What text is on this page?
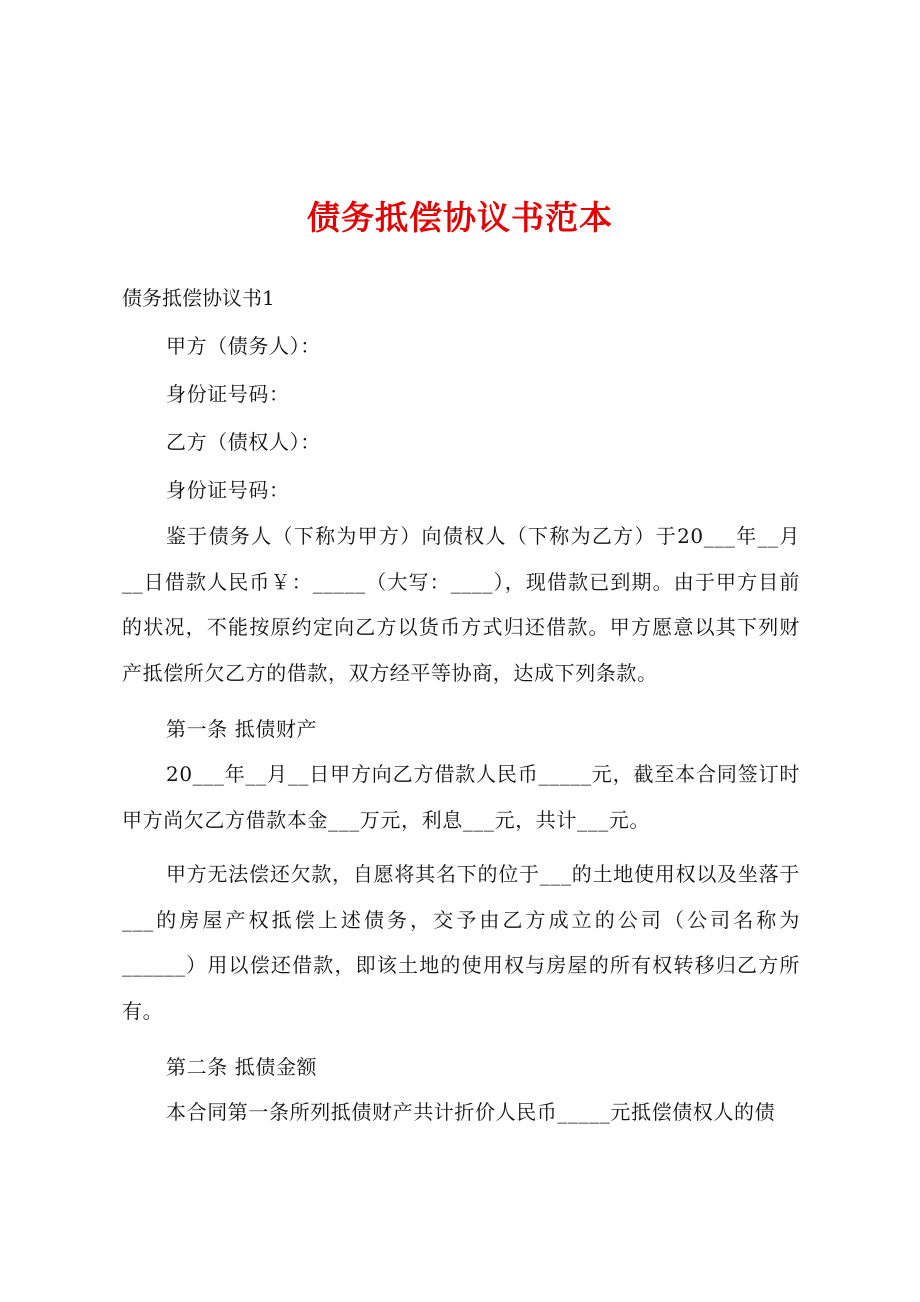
债务抵偿协议书范本
债务抵偿协议书1
甲方（债务人）：
身份证号码：
乙方（债权人）：
身份证号码：

鉴于债务人（下称为甲方）向债权人（下称为乙方）于20___年__月__日借款人民币￥：_____（大写：____），现借款已到期。由于甲方目前的状况，不能按原约定向乙方以货币方式归还借款。甲方愿意以其下列财产抵偿所欠乙方的借款，双方经平等协商，达成下列条款。

第一条 抵债财产

20___年__月__日甲方向乙方借款人民币_____元，截至本合同签订时甲方尚欠乙方借款本金___万元，利息___元，共计___元。

甲方无法偿还欠款，自愿将其名下的位于___的土地使用权以及坐落于___的房屋产权抵偿上述债务，交予由乙方成立的公司（公司名称为______）用以偿还借款，即该土地的使用权与房屋的所有权转移归乙方所有。

第二条 抵债金额

本合同第一条所列抵债财产共计折价人民币_____元抵偿债权人的债
